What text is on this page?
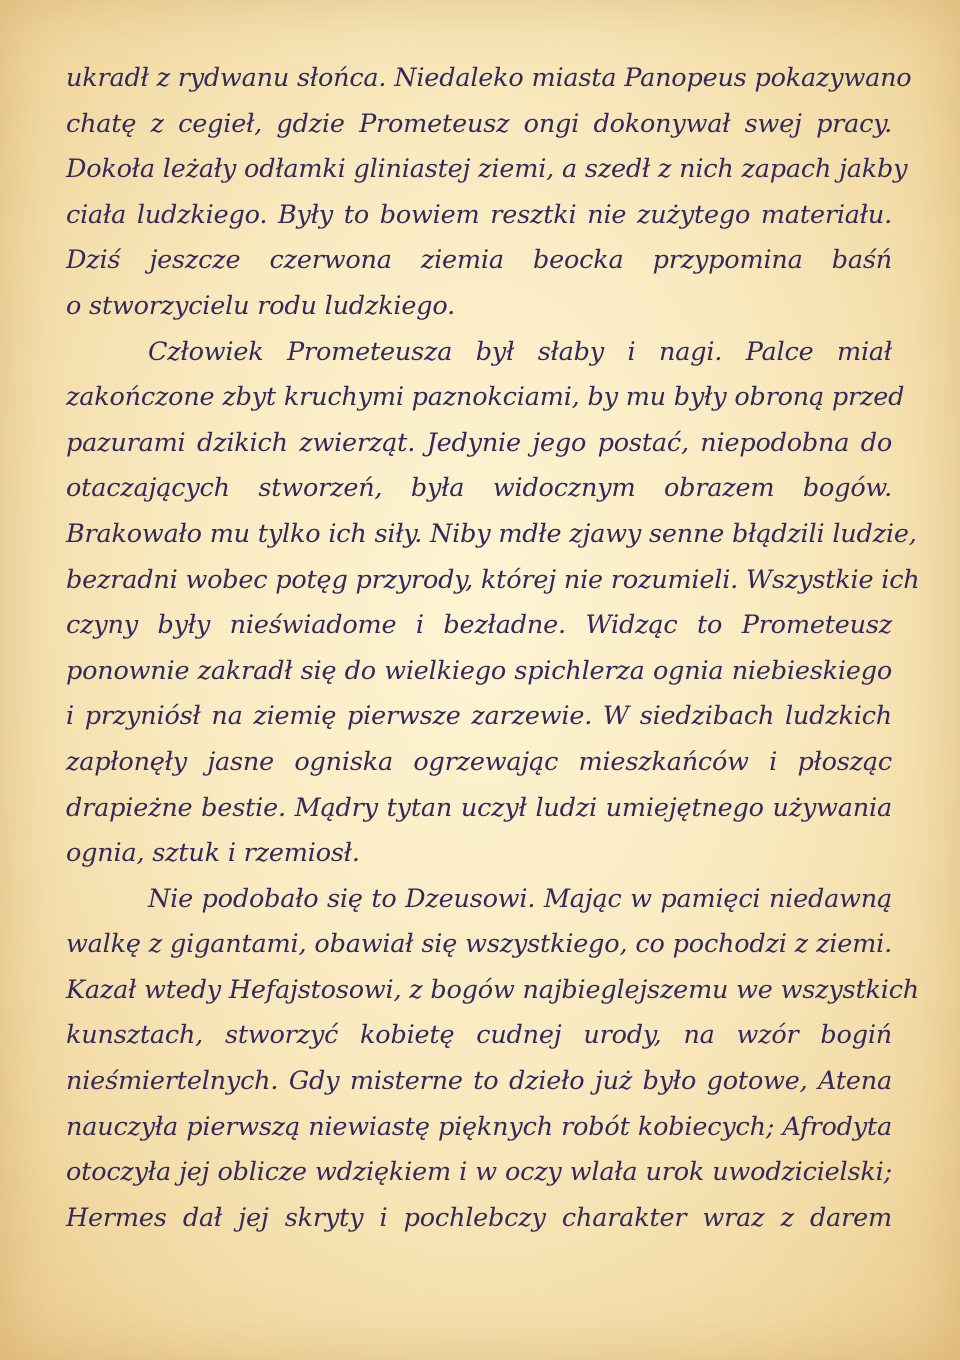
ukradł z rydwanu słońca. Niedaleko miasta Panopeus pokazywano
chatę z cegieł, gdzie Prometeusz ongi dokonywał swej pracy.
Dokoła leżały odłamki gliniastej ziemi, a szedł z nich zapach jakby
ciała ludzkiego. Były to bowiem resztki nie zużytego materiału.
Dziś jeszcze czerwona ziemia beocka przypomina baśń
o stworzycielu rodu ludzkiego.
Człowiek Prometeusza był słaby i nagi. Palce miał
zakończone zbyt kruchymi paznokciami, by mu były obroną przed
pazurami dzikich zwierząt. Jedynie jego postać, niepodobna do
otaczających stworzeń, była widocznym obrazem bogów.
Brakowało mu tylko ich siły. Niby mdłe zjawy senne błądzili ludzie,
bezradni wobec potęg przyrody, której nie rozumieli. Wszystkie ich
czyny były nieświadome i bezładne. Widząc to Prometeusz
ponownie zakradł się do wielkiego spichlerza ognia niebieskiego
i przyniósł na ziemię pierwsze zarzewie. W siedzibach ludzkich
zapłonęły jasne ogniska ogrzewając mieszkańców i płosząc
drapieżne bestie. Mądry tytan uczył ludzi umiejętnego używania
ognia, sztuk i rzemiosł.
Nie podobało się to Dzeusowi. Mając w pamięci niedawną
walkę z gigantami, obawiał się wszystkiego, co pochodzi z ziemi.
Kazał wtedy Hefajstosowi, z bogów najbieglejszemu we wszystkich
kunsztach, stworzyć kobietę cudnej urody, na wzór bogiń
nieśmiertelnych. Gdy misterne to dzieło już było gotowe, Atena
nauczyła pierwszą niewiastę pięknych robót kobiecych; Afrodyta
otoczyła jej oblicze wdziękiem i w oczy wlała urok uwodzicielski;
Hermes dał jej skryty i pochlebczy charakter wraz z darem
